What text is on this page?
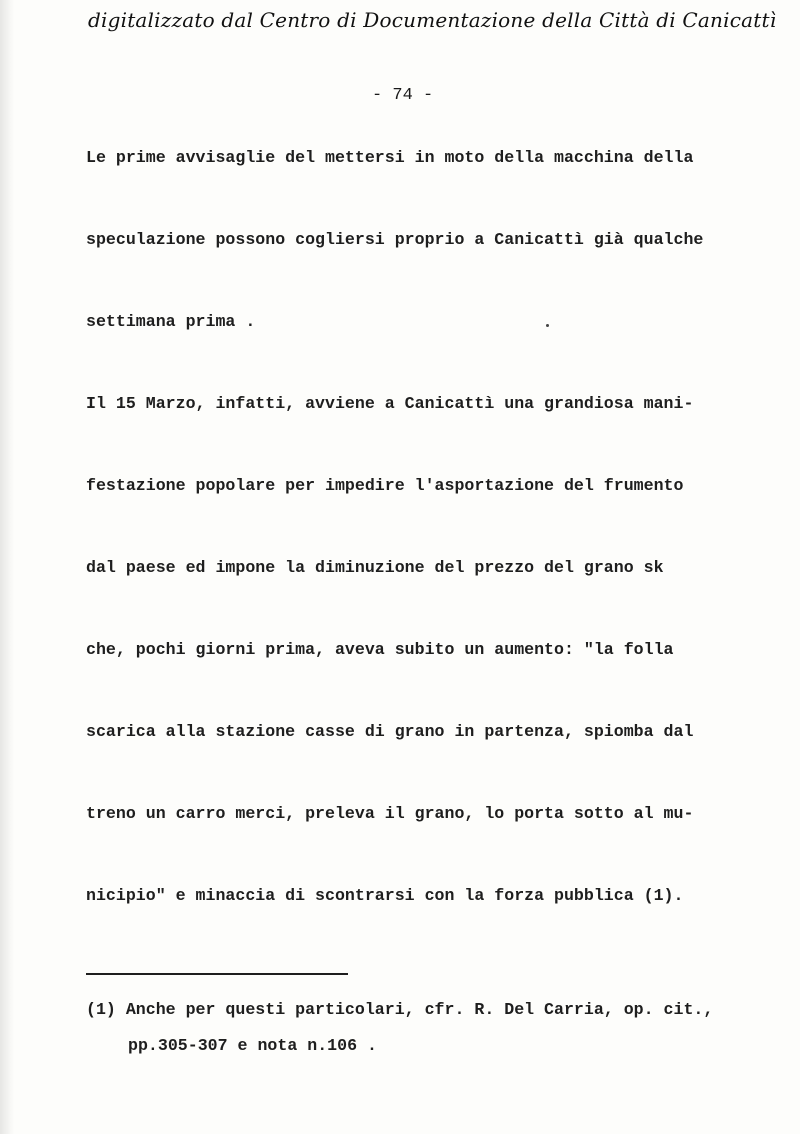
digitalizzato dal Centro di Documentazione della Città di Canicattì
- 74 -
Le prime avvisaglie del mettersi in moto della macchina della
speculazione possono cogliersi proprio a Canicattì già qualche
settimana prima .
Il 15 Marzo, infatti, avviene a Canicattì una grandiosa mani-
festazione popolare per impedire l'asportazione del frumento
dal paese ed impone la diminuzione del prezzo del grano sk
che, pochi giorni prima, aveva subito un aumento: "la folla
scarica alla stazione casse di grano in partenza, spiomba dal
treno un carro merci, preleva il grano, lo porta sotto al mu-
nicipio" e minaccia di scontrarsi con la forza pubblica (1).
(1) Anche per questi particolari, cfr. R. Del Carria, op. cit.,
pp.305-307 e nota n.106 .
